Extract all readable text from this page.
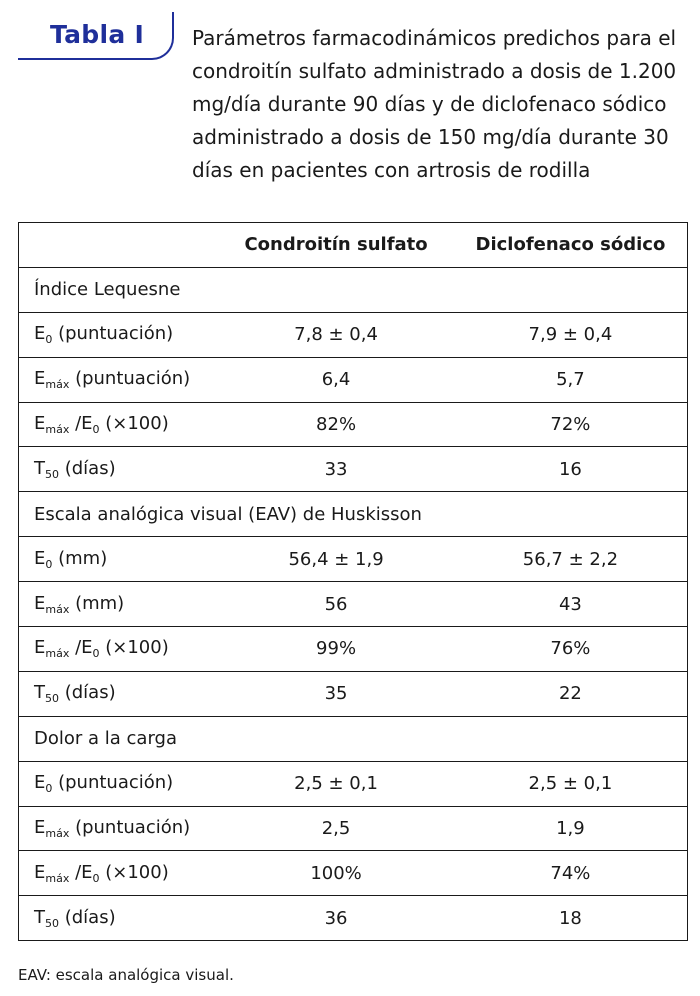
Tabla I Parámetros farmacodinámicos predichos para el condroitín sulfato administrado a dosis de 1.200 mg/día durante 90 días y de diclofenaco sódico administrado a dosis de 150 mg/día durante 30 días en pacientes con artrosis de rodilla
	Condroitín sulfato	Diclofenaco sódico
Índice Lequesne		
$E_0$ (puntuación)	7,8 ± 0,4	7,9 ± 0,4
$E_{máx}$ (puntuación)	6,4	5,7
$E_{máx}$ $/E_0$ (×100)	82%	72%
$T_{50}$ (días)	33	16
Escala analógica visual (EAV) de Huskisson		
$E_0$ (mm)	56,4 ± 1,9	56,7 ± 2,2
$E_{máx}$ (mm)	56	43
$E_{máx}$ $/E_0$ (×100)	99%	76%
$T_{50}$ (días)	35	22
Dolor a la carga		
$E_0$ (puntuación)	2,5 ± 0,1	2,5 ± 0,1
$E_{máx}$ (puntuación)	2,5	1,9
$E_{máx}$ $/E_0$ (×100)	100%	74%
$T_{50}$ (días)	36	18
EAV: escala analógica visual.
